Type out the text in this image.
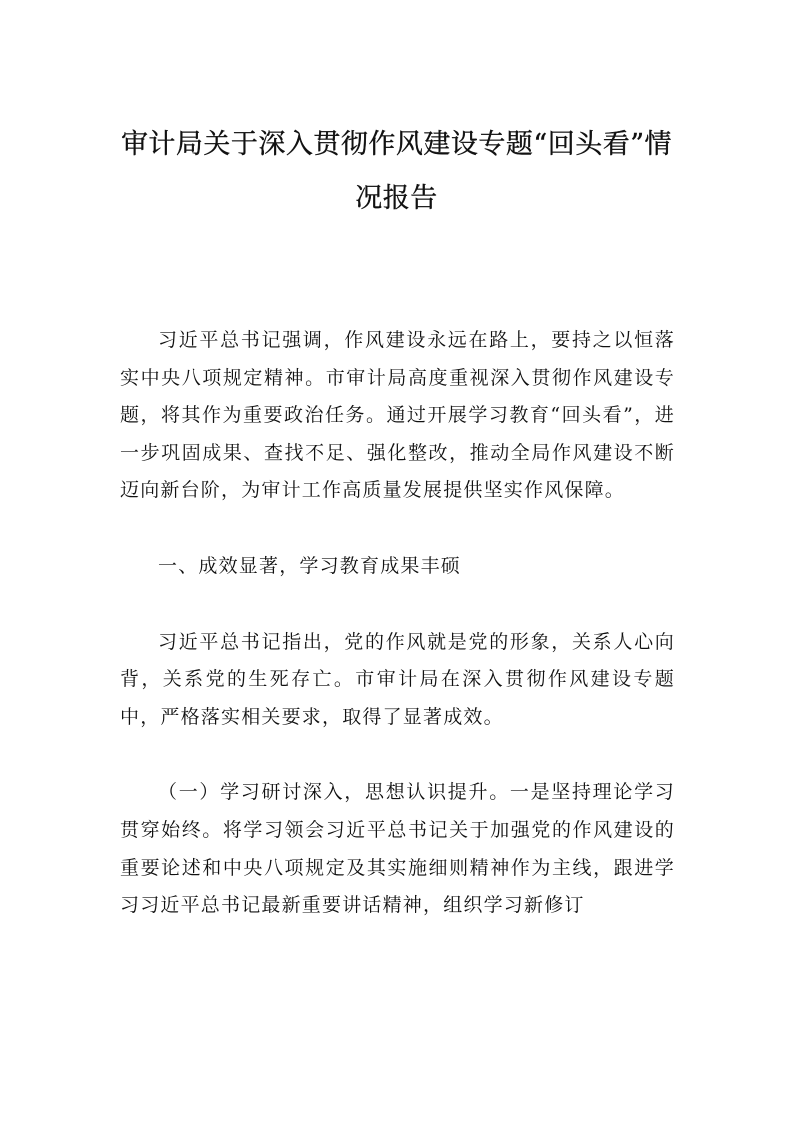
审计局关于深入贯彻作风建设专题“回头看”情况报告

习近平总书记强调，作风建设永远在路上，要持之以恒落实中央八项规定精神。市审计局高度重视深入贯彻作风建设专题，将其作为重要政治任务。通过开展学习教育“回头看”，进一步巩固成果、查找不足、强化整改，推动全局作风建设不断迈向新台阶，为审计工作高质量发展提供坚实作风保障。

一、成效显著，学习教育成果丰硕

习近平总书记指出，党的作风就是党的形象，关系人心向背，关系党的生死存亡。市审计局在深入贯彻作风建设专题中，严格落实相关要求，取得了显著成效。

（一）学习研讨深入，思想认识提升。一是坚持理论学习贯穿始终。将学习领会习近平总书记关于加强党的作风建设的重要论述和中央八项规定及其实施细则精神作为主线，跟进学习习近平总书记最新重要讲话精神，组织学习新修订
